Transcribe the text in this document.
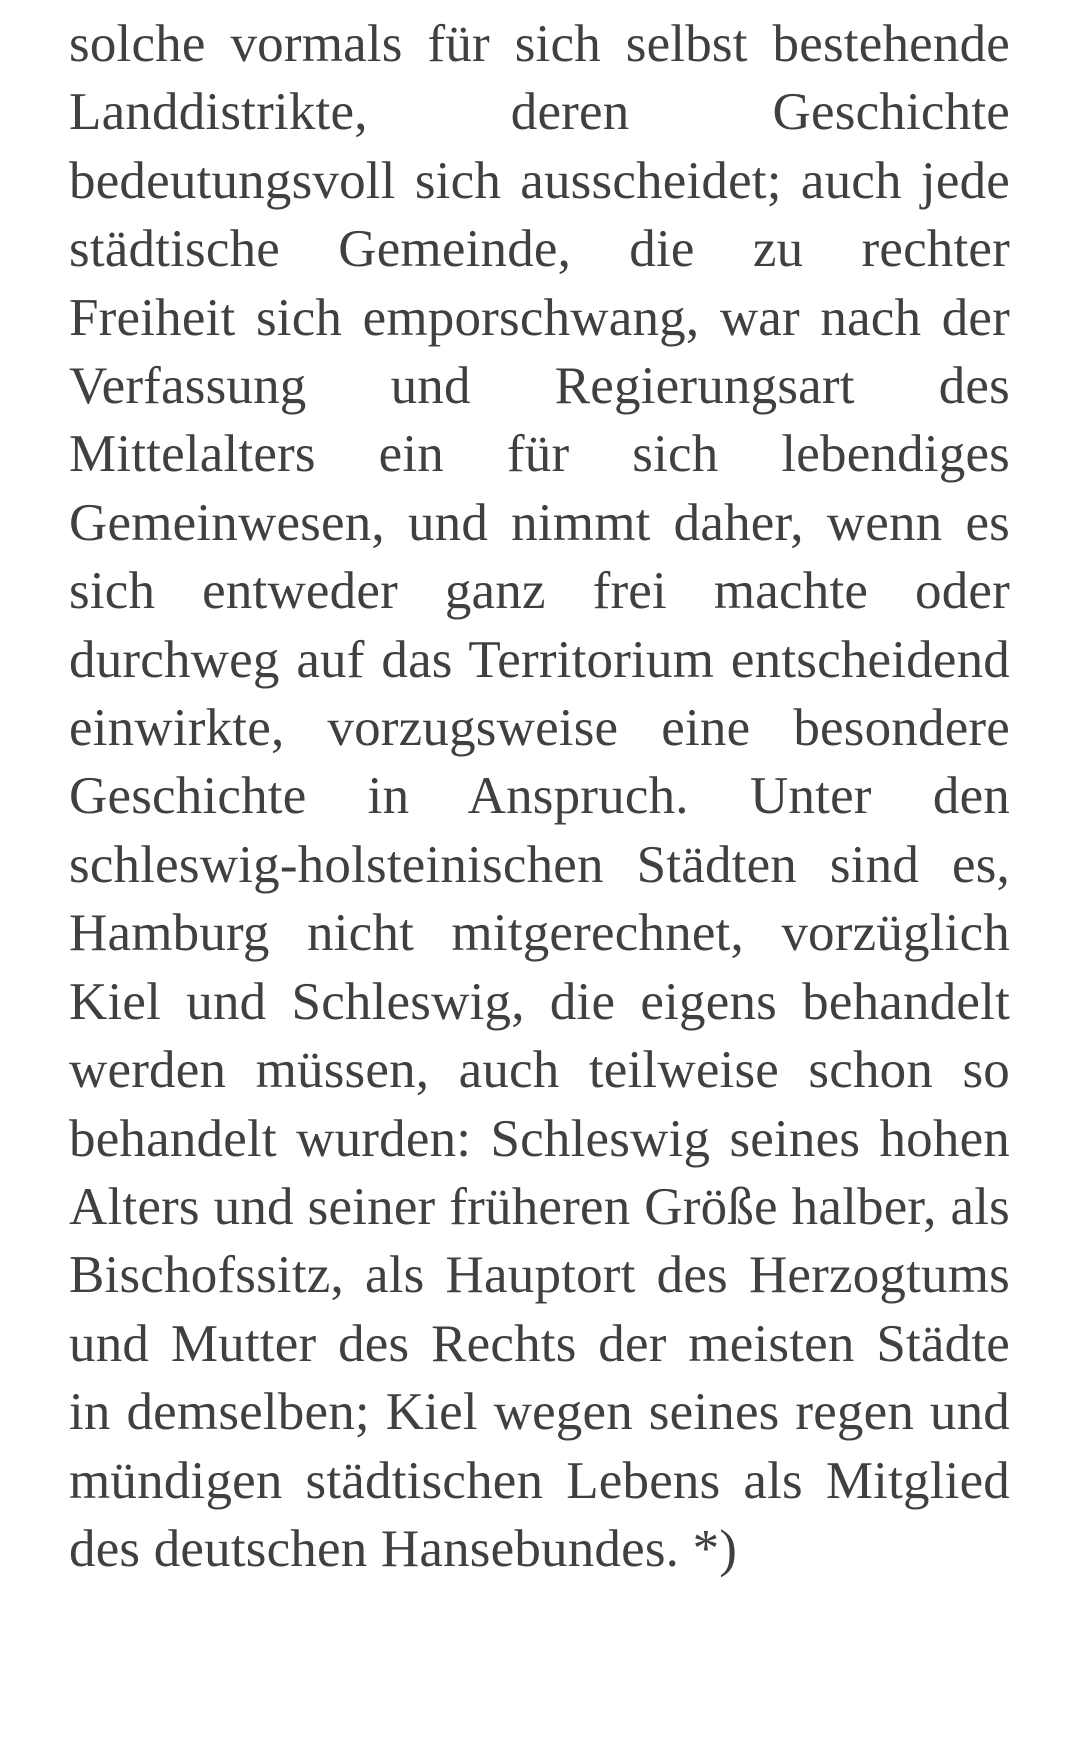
solche vormals für sich selbst bestehende Landdistrikte, deren Geschichte bedeutungsvoll sich ausscheidet; auch jede städtische Gemeinde, die zu rechter Freiheit sich emporschwang, war nach der Verfassung und Regierungsart des Mittelalters ein für sich lebendiges Gemeinwesen, und nimmt daher, wenn es sich entweder ganz frei machte oder durchweg auf das Territorium entscheidend einwirkte, vorzugsweise eine besondere Geschichte in Anspruch. Unter den schleswig-holsteinischen Städten sind es, Hamburg nicht mitgerechnet, vorzüglich Kiel und Schleswig, die eigens behandelt werden müssen, auch teilweise schon so behandelt wurden: Schleswig seines hohen Alters und seiner früheren Größe halber, als Bischofssitz, als Hauptort des Herzogtums und Mutter des Rechts der meisten Städte in demselben; Kiel wegen seines regen und mündigen städtischen Lebens als Mitglied des deutschen Hansebundes. *)
